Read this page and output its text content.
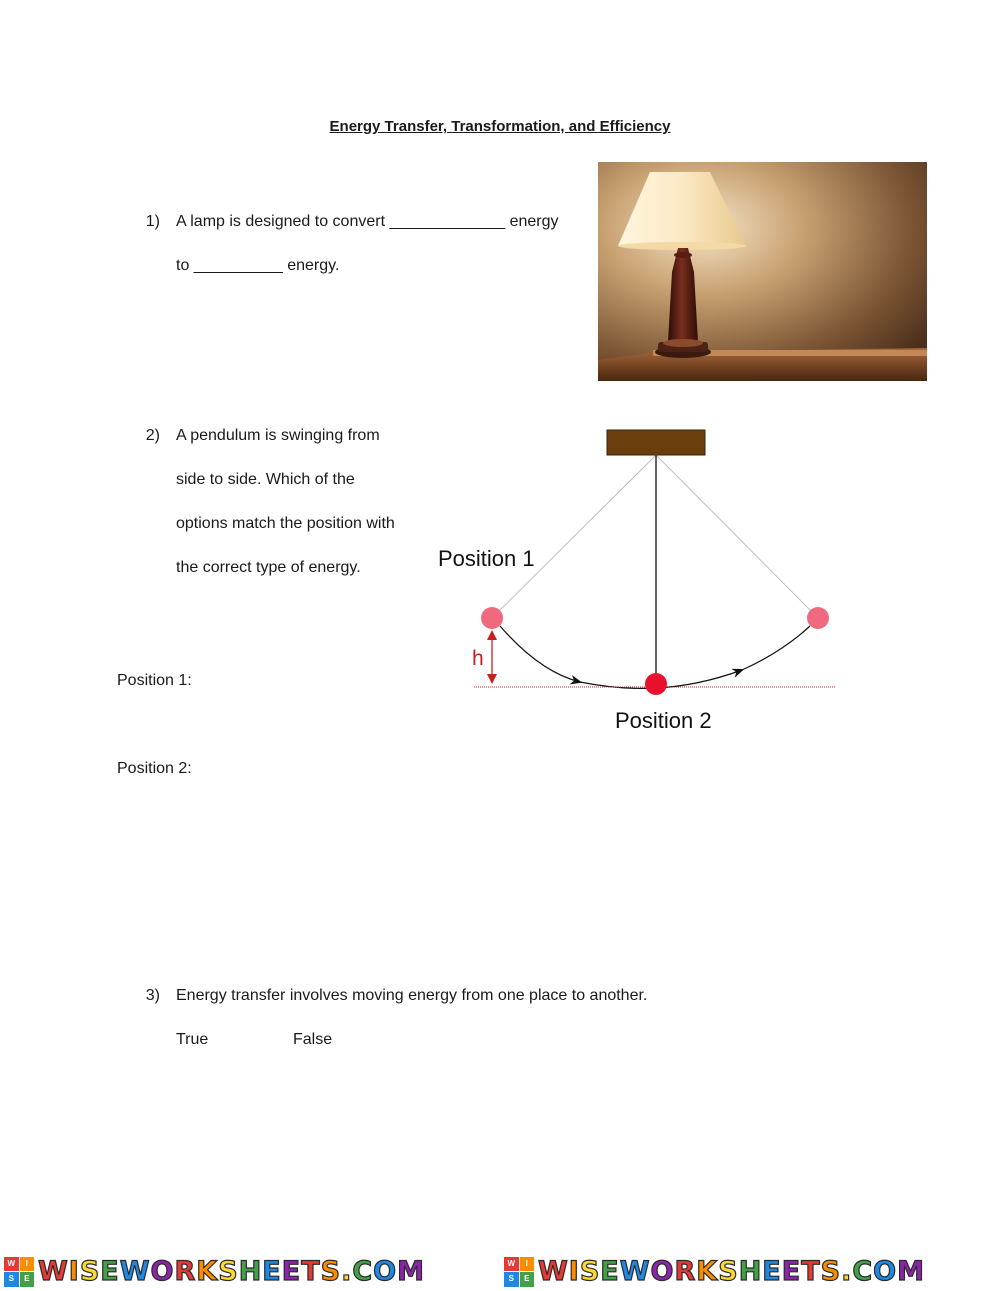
Energy Transfer, Transformation, and Efficiency
1) A lamp is designed to convert _____________ energy
to __________ energy.
2) A pendulum is swinging from
side to side. Which of the
options match the position with
the correct type of energy.	Position 1
Position 2
h
Position 1:
Position 2:
3) Energy transfer involves moving energy from one place to another.
True	False
W	I
S	E WISEWORKSHEETS.COM	W	I
S	E WISEWORKSHEETS.COM
